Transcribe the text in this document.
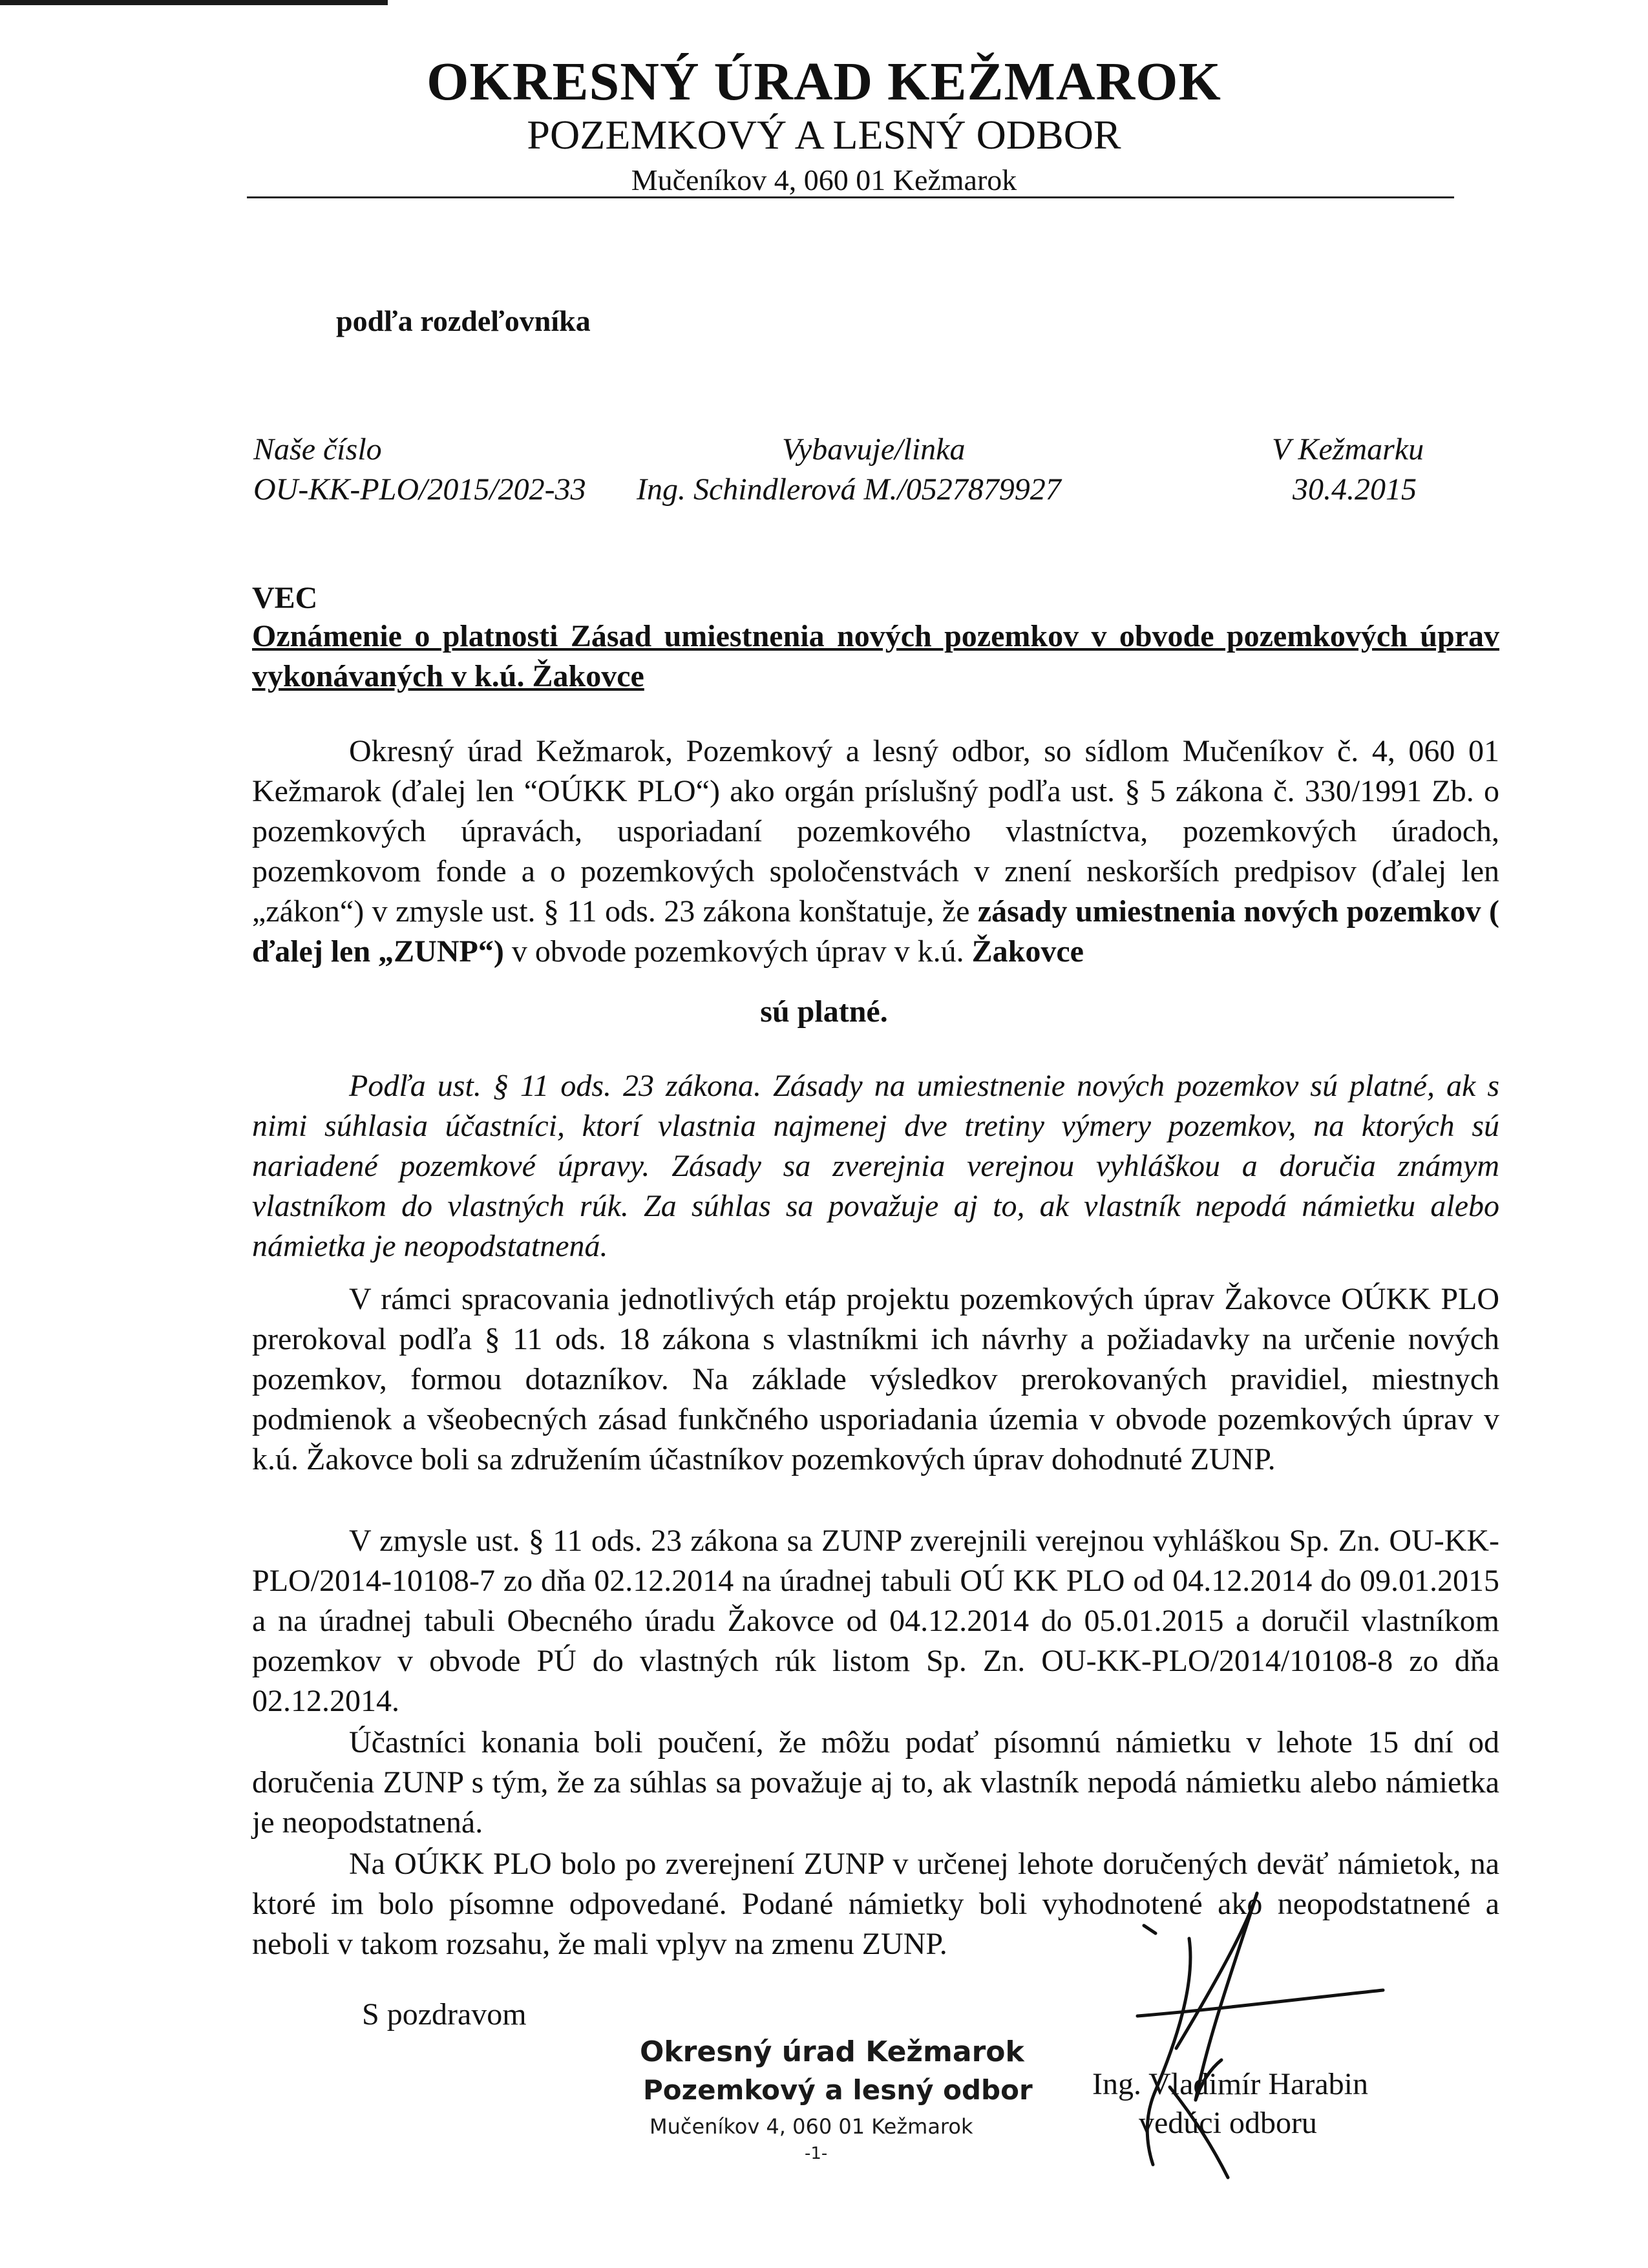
OKRESNÝ ÚRAD KEŽMAROK
POZEMKOVÝ A LESNÝ ODBOR
Mučeníkov 4, 060 01 Kežmarok
podľa rozdeľovníka
Naše číslo
OU-KK-PLO/2015/202-33
Vybavuje/linka
Ing. Schindlerová M./0527879927
V Kežmarku
30.4.2015
VEC
Oznámenie o platnosti Zásad umiestnenia nových pozemkov v obvode pozemkových úprav vykonávaných v k.ú. Žakovce
Okresný úrad Kežmarok, Pozemkový a lesný odbor, so sídlom Mučeníkov č. 4, 060 01 Kežmarok (ďalej len “OÚKK PLO“) ako orgán príslušný podľa ust. § 5 zákona č. 330/1991 Zb. o pozemkových úpravách, usporiadaní pozemkového vlastníctva, pozemkových úradoch, pozemkovom fonde a o pozemkových spoločenstvách v znení neskorších predpisov (ďalej len „zákon“) v zmysle ust. § 11 ods. 23 zákona konštatuje, že zásady umiestnenia nových pozemkov ( ďalej len „ZUNP“) v obvode pozemkových úprav v k.ú. Žakovce
sú platné.
Podľa ust. § 11 ods. 23 zákona. Zásady na umiestnenie nových pozemkov sú platné, ak s nimi súhlasia účastníci, ktorí vlastnia najmenej dve tretiny výmery pozemkov, na ktorých sú nariadené pozemkové úpravy. Zásady sa zverejnia verejnou vyhláškou a doručia známym vlastníkom do vlastných rúk. Za súhlas sa považuje aj to, ak vlastník nepodá námietku alebo námietka je neopodstatnená.
V rámci spracovania jednotlivých etáp projektu pozemkových úprav Žakovce OÚKK PLO prerokoval podľa § 11 ods. 18 zákona s vlastníkmi ich návrhy a požiadavky na určenie nových pozemkov, formou dotazníkov. Na základe výsledkov prerokovaných pravidiel, miestnych podmienok a všeobecných zásad funkčného usporiadania územia v obvode pozemkových úprav v k.ú. Žakovce boli sa združením účastníkov pozemkových úprav dohodnuté ZUNP.
V zmysle ust. § 11 ods. 23 zákona sa ZUNP zverejnili verejnou vyhláškou Sp. Zn. OU-KK-PLO/2014-10108-7 zo dňa 02.12.2014 na úradnej tabuli OÚ KK PLO od 04.12.2014 do 09.01.2015 a na úradnej tabuli Obecného úradu Žakovce od 04.12.2014 do 05.01.2015 a doručil vlastníkom pozemkov v obvode PÚ do vlastných rúk listom Sp. Zn. OU-KK-PLO/2014/10108-8 zo dňa 02.12.2014.
Účastníci konania boli poučení, že môžu podať písomnú námietku v lehote 15 dní od doručenia ZUNP s tým, že za súhlas sa považuje aj to, ak vlastník nepodá námietku alebo námietka je neopodstatnená.
Na OÚKK PLO bolo po zverejnení ZUNP v určenej lehote doručených deväť námietok, na ktoré im bolo písomne odpovedané. Podané námietky boli vyhodnotené ako neopodstatnené a neboli v takom rozsahu, že mali vplyv na zmenu ZUNP.
S pozdravom
Okresný úrad Kežmarok
Pozemkový a lesný odbor
Mučeníkov 4, 060 01 Kežmarok
-1-
Ing. Vladimír Harabin
vedúci odboru
